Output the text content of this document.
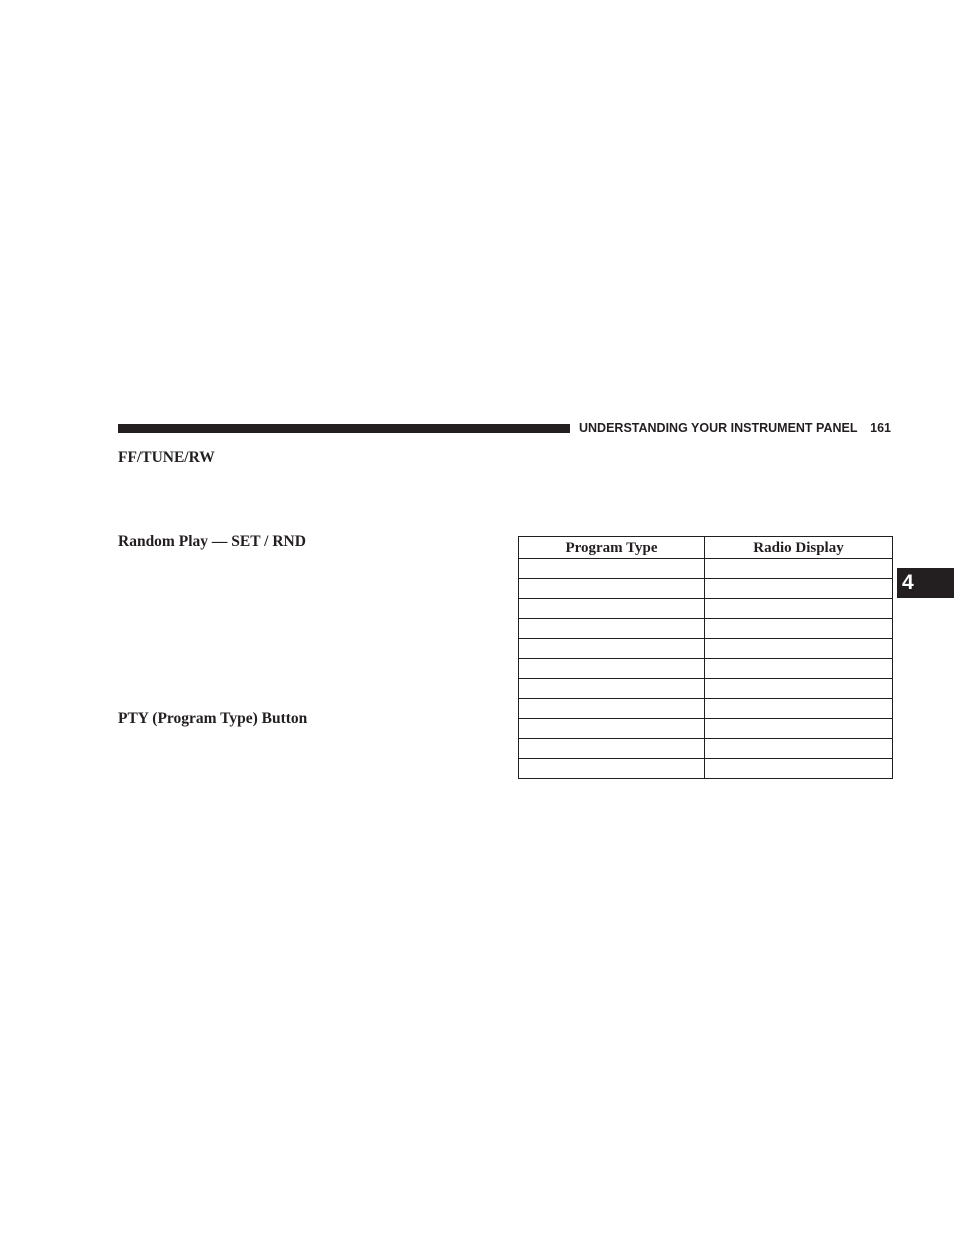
UNDERSTANDING YOUR INSTRUMENT PANEL 161
FF/TUNE/RW
Random Play — SET / RND
PTY (Program Type) Button
Program Type	Radio Display

4
